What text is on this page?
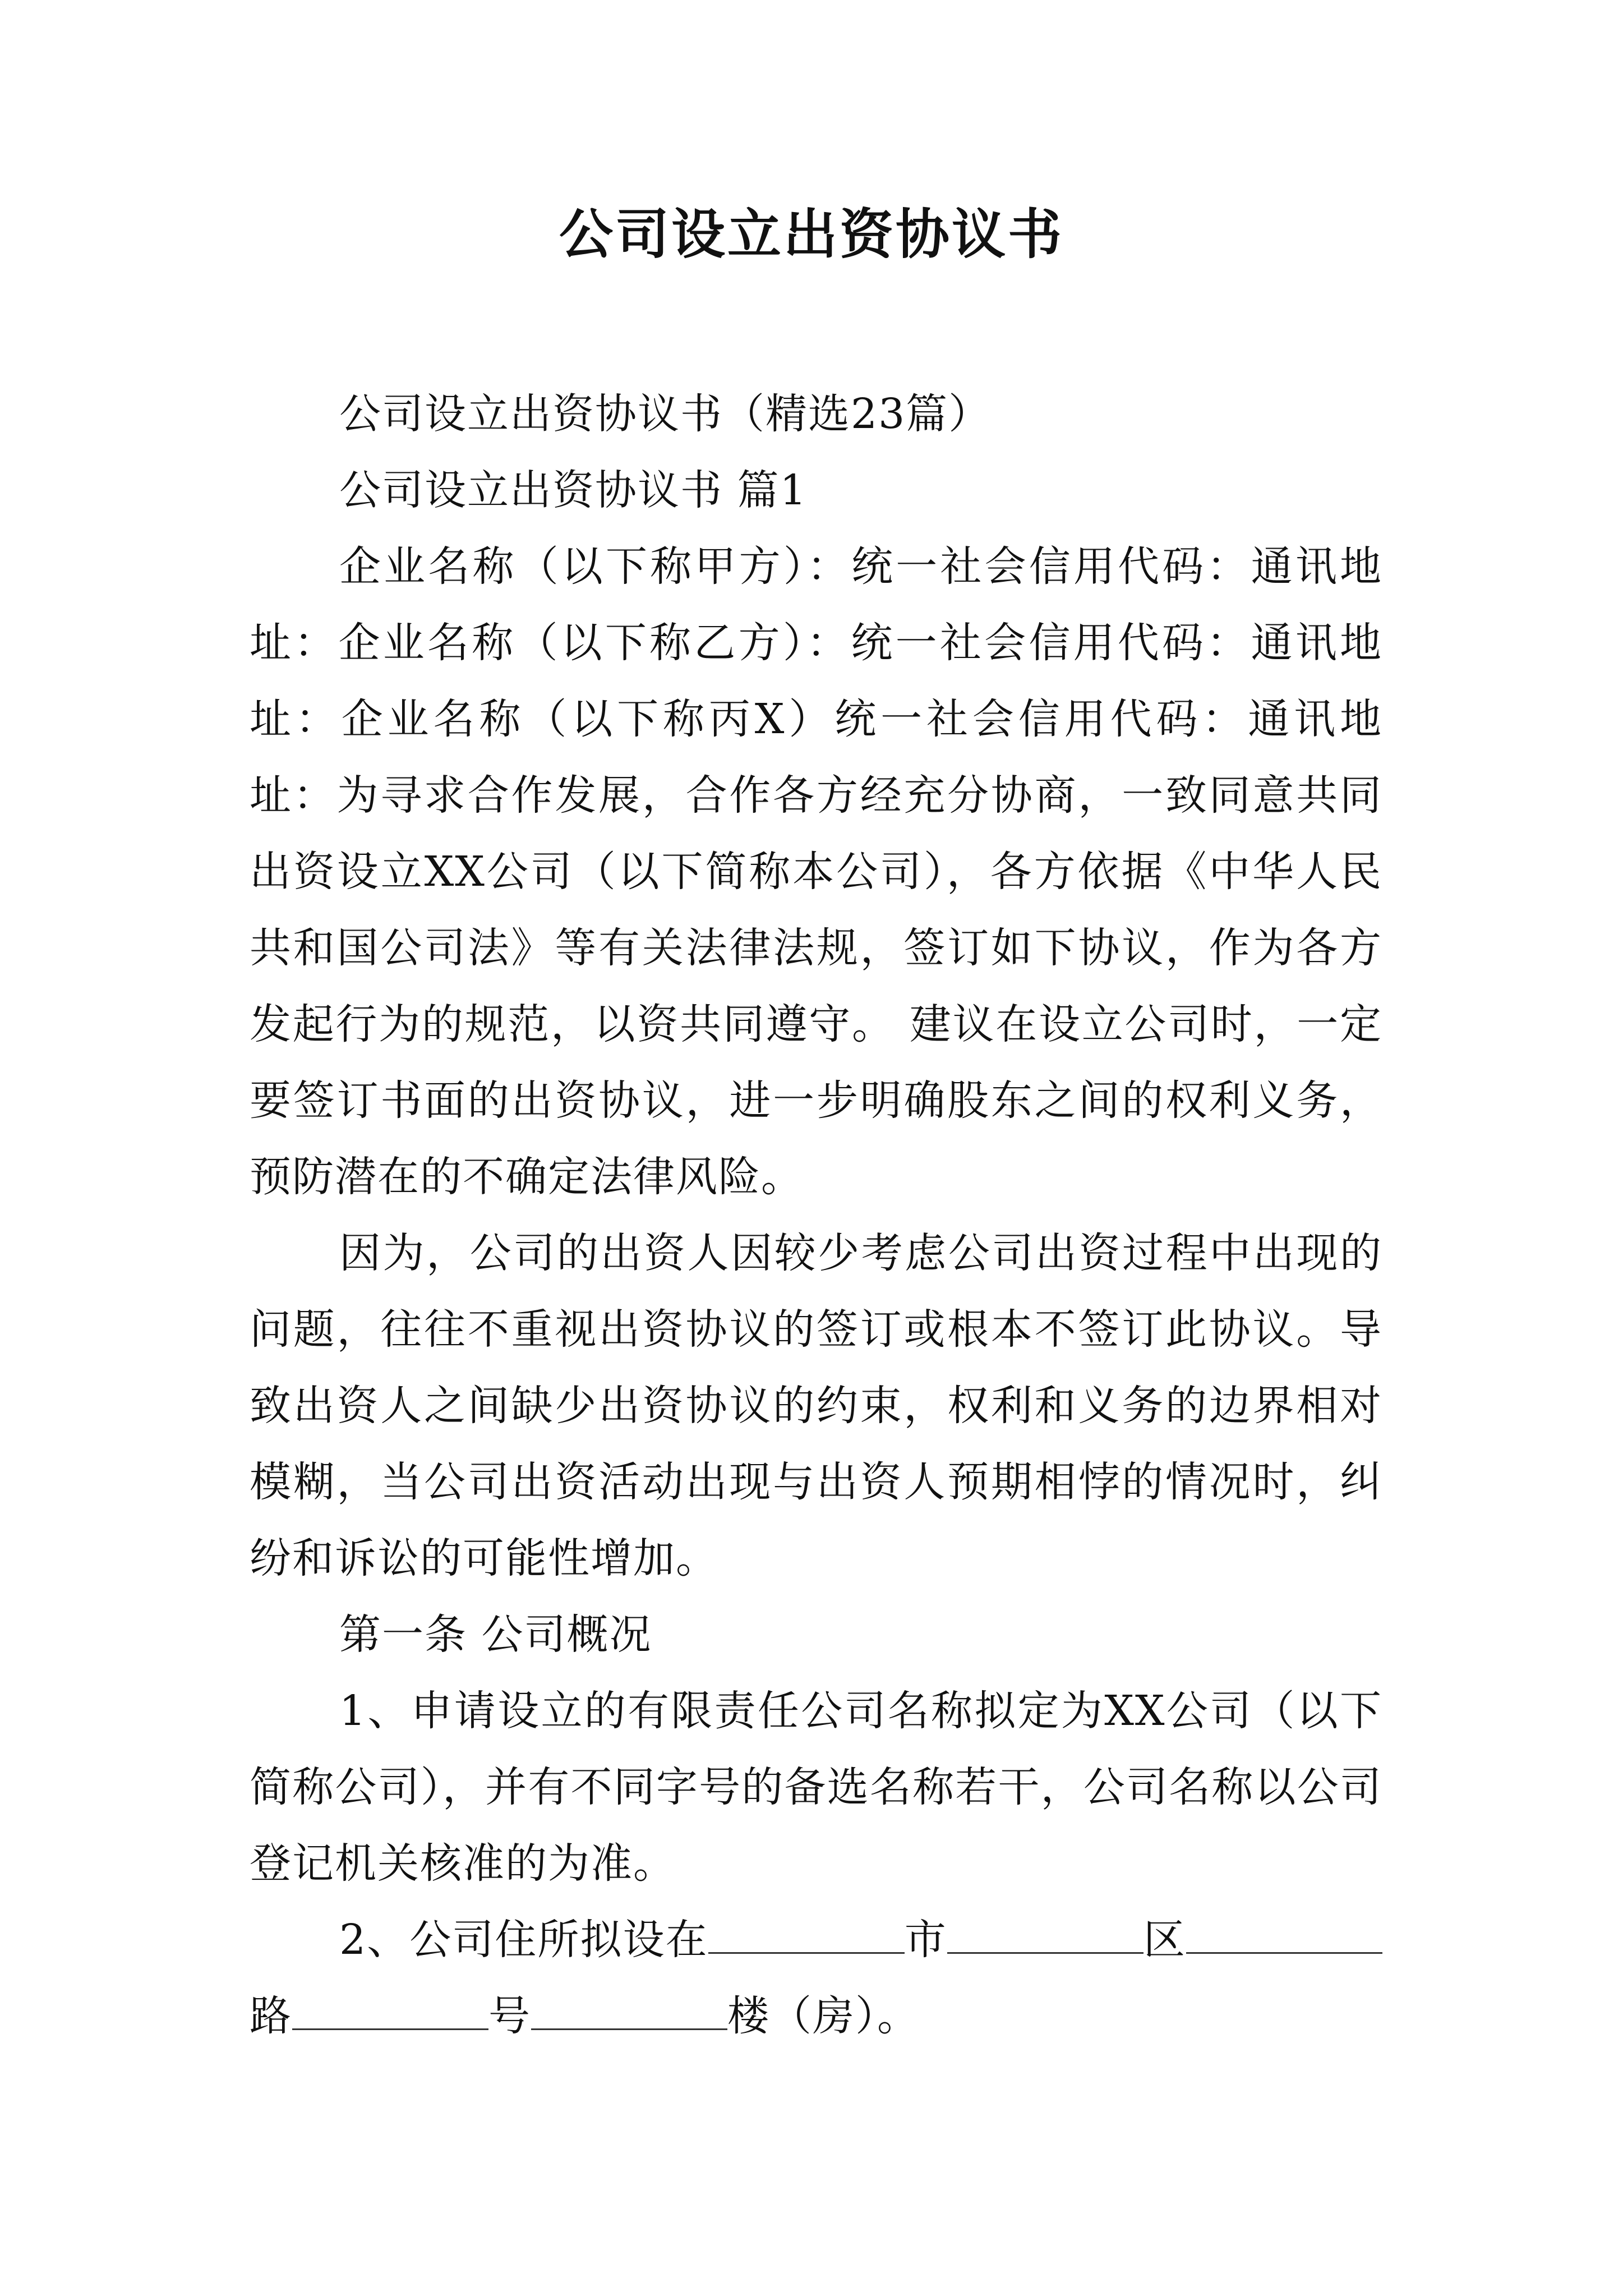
公司设立出资协议书

公司设立出资协议书（精选23篇）

公司设立出资协议书 篇1

企业名称（以下称甲方）：统一社会信用代码：通讯地址：企业名称（以下称乙方）：统一社会信用代码：通讯地址：企业名称（以下称丙X）统一社会信用代码：通讯地址：为寻求合作发展，合作各方经充分协商，一致同意共同出资设立XX公司（以下简称本公司），各方依据《中华人民共和国公司法》等有关法律法规，签订如下协议，作为各方发起行为的规范，以资共同遵守。 建议在设立公司时，一定要签订书面的出资协议，进一步明确股东之间的权利义务，预防潜在的不确定法律风险。

因为，公司的出资人因较少考虑公司出资过程中出现的问题，往往不重视出资协议的签订或根本不签订此协议。导致出资人之间缺少出资协议的约束，权利和义务的边界相对模糊，当公司出资活动出现与出资人预期相悖的情况时，纠纷和诉讼的可能性增加。

第一条 公司概况

1、申请设立的有限责任公司名称拟定为XX公司（以下简称公司），并有不同字号的备选名称若干，公司名称以公司登记机关核准的为准。

2、公司住所拟设在	市	区路	号	楼（房）。
